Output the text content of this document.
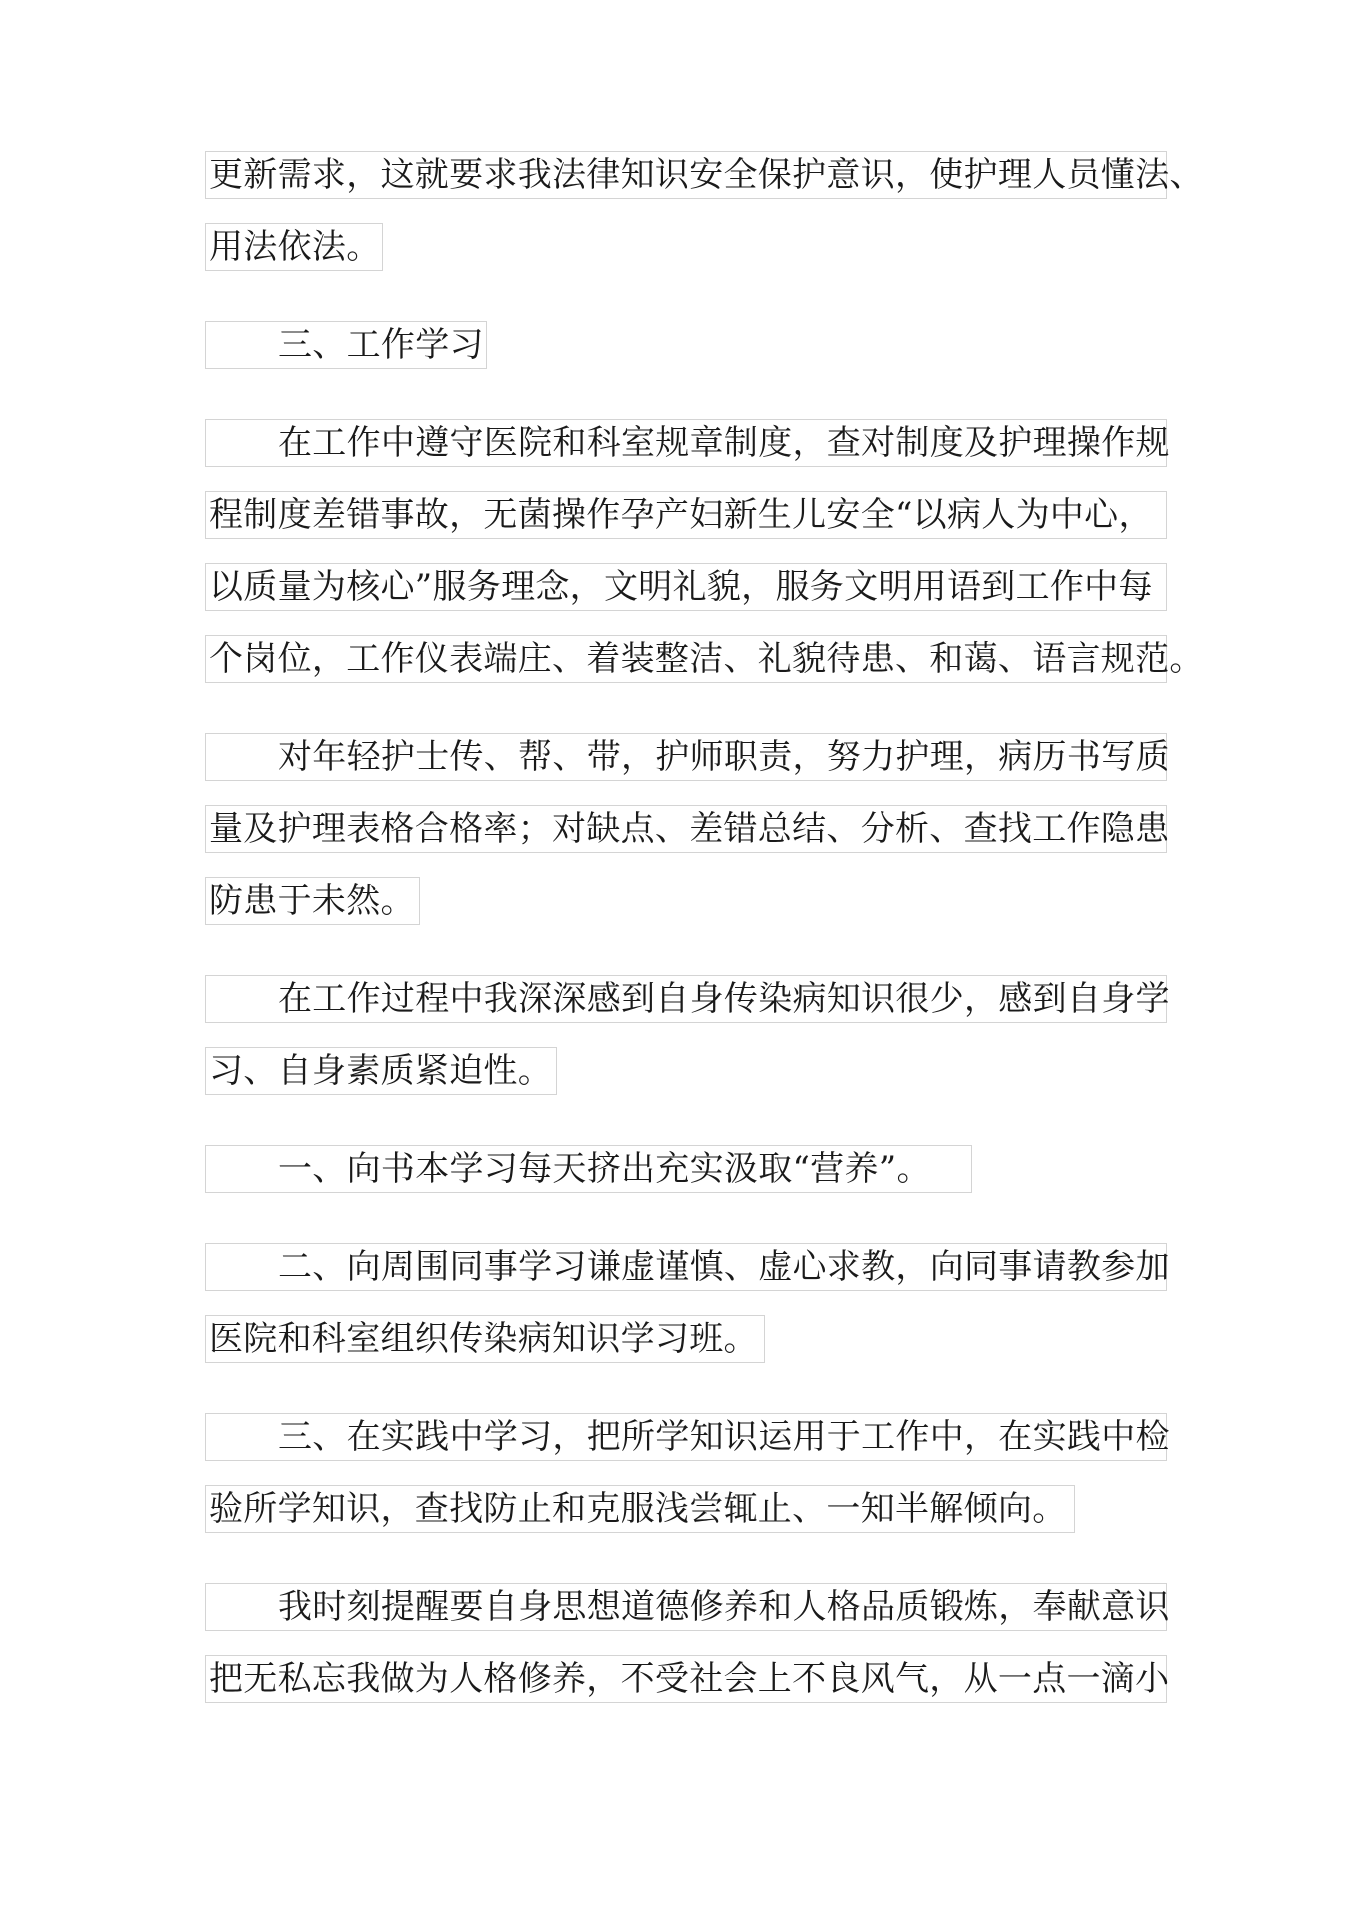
更新需求，这就要求我法律知识安全保护意识，使护理人员懂法、
用法依法。
三、工作学习
在工作中遵守医院和科室规章制度，查对制度及护理操作规
程制度差错事故，无菌操作孕产妇新生儿安全“以病人为中心，
以质量为核心”服务理念，文明礼貌，服务文明用语到工作中每
个岗位，工作仪表端庄、着装整洁、礼貌待患、和蔼、语言规范。
对年轻护士传、帮、带，护师职责，努力护理，病历书写质
量及护理表格合格率；对缺点、差错总结、分析、查找工作隐患
防患于未然。
在工作过程中我深深感到自身传染病知识很少，感到自身学
习、自身素质紧迫性。
一、向书本学习每天挤出充实汲取“营养”。
二、向周围同事学习谦虚谨慎、虚心求教，向同事请教参加
医院和科室组织传染病知识学习班。
三、在实践中学习，把所学知识运用于工作中，在实践中检
验所学知识，查找防止和克服浅尝辄止、一知半解倾向。
我时刻提醒要自身思想道德修养和人格品质锻炼，奉献意识
把无私忘我做为人格修养，不受社会上不良风气，从一点一滴小
